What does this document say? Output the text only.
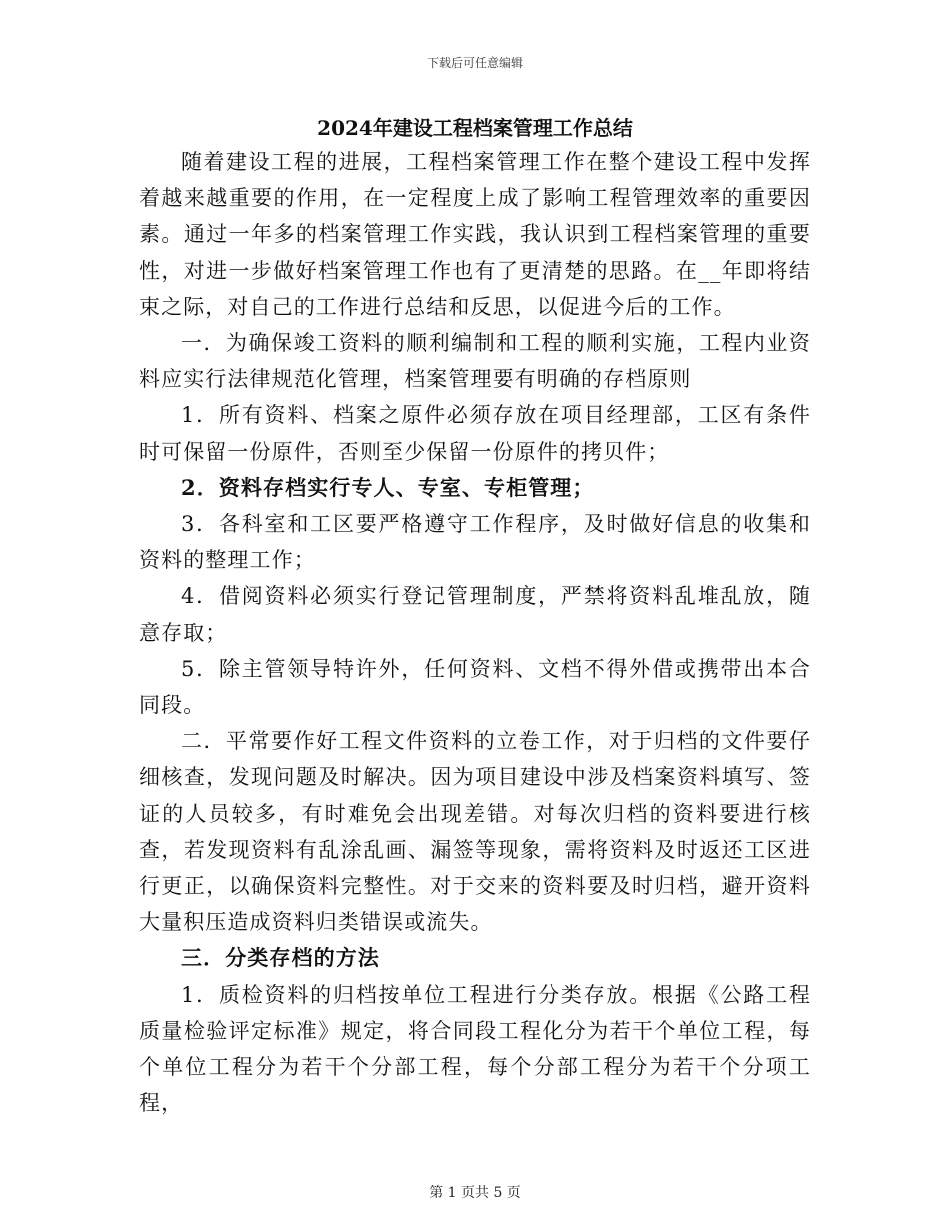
下载后可任意编辑
2024年建设工程档案管理工作总结

随着建设工程的进展，工程档案管理工作在整个建设工程中发挥着越来越重要的作用，在一定程度上成了影响工程管理效率的重要因素。通过一年多的档案管理工作实践，我认识到工程档案管理的重要性，对进一步做好档案管理工作也有了更清楚的思路。在__年即将结束之际，对自己的工作进行总结和反思，以促进今后的工作。

一．为确保竣工资料的顺利编制和工程的顺利实施，工程内业资料应实行法律规范化管理，档案管理要有明确的存档原则

1．所有资料、档案之原件必须存放在项目经理部，工区有条件时可保留一份原件，否则至少保留一份原件的拷贝件；

2．资料存档实行专人、专室、专柜管理；

3．各科室和工区要严格遵守工作程序，及时做好信息的收集和资料的整理工作；

4．借阅资料必须实行登记管理制度，严禁将资料乱堆乱放，随意存取；

5．除主管领导特许外，任何资料、文档不得外借或携带出本合同段。

二．平常要作好工程文件资料的立卷工作，对于归档的文件要仔细核查，发现问题及时解决。因为项目建设中涉及档案资料填写、签证的人员较多，有时难免会出现差错。对每次归档的资料要进行核查，若发现资料有乱涂乱画、漏签等现象，需将资料及时返还工区进行更正，以确保资料完整性。对于交来的资料要及时归档，避开资料大量积压造成资料归类错误或流失。

三．分类存档的方法

1．质检资料的归档按单位工程进行分类存放。根据《公路工程质量检验评定标准》规定，将合同段工程化分为若干个单位工程，每个单位工程分为若干个分部工程，每个分部工程分为若干个分项工程，

第 1 页共 5 页
